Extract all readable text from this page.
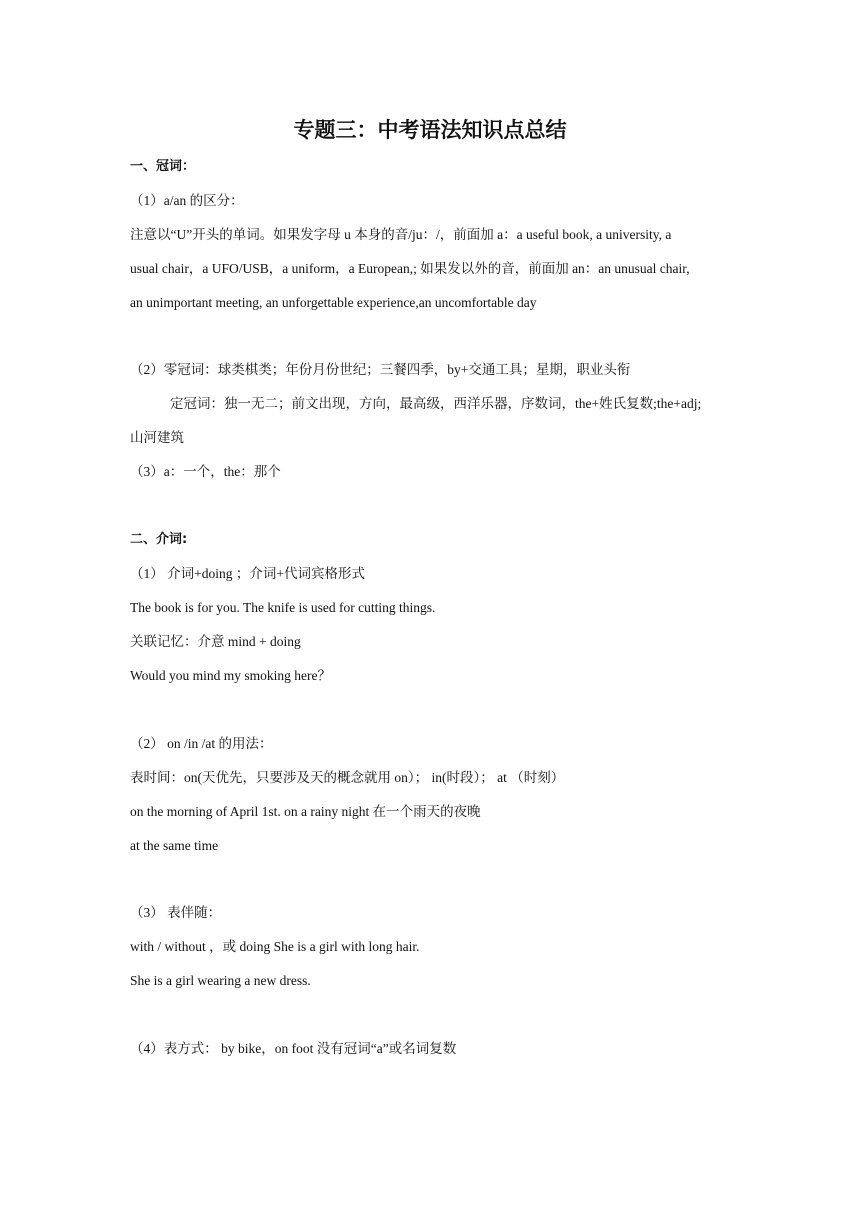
专题三：中考语法知识点总结
一、冠词：
（1）a/an 的区分：
注意以“U”开头的单词。如果发字母 u 本身的音/ju：/，前面加 a：a useful book, a university, a
usual chair，a UFO/USB，a uniform，a European,; 如果发以外的音，前面加 an：an unusual chair,
an unimportant meeting, an unforgettable experience,an uncomfortable day
（2）零冠词：球类棋类；年份月份世纪；三餐四季，by+交通工具；星期，职业头衔
定冠词：独一无二；前文出现，方向，最高级，西洋乐器，序数词，the+姓氏复数;the+adj;
山河建筑
（3）a：一个，the：那个
二、介词:
（1） 介词+doing ；介词+代词宾格形式
The book is for you. The knife is used for cutting things.
关联记忆：介意 mind + doing
Would you mind my smoking here？
（2） on /in /at 的用法：
表时间：on(天优先，只要涉及天的概念就用 on）； in(时段）； at （时刻）
on the morning of April 1st. on a rainy night 在一个雨天的夜晚
at the same time
（3） 表伴随：
with / without ，或 doing She is a girl with long hair.
She is a girl wearing a new dress.
（4）表方式： by bike，on foot 没有冠词“a”或名词复数
